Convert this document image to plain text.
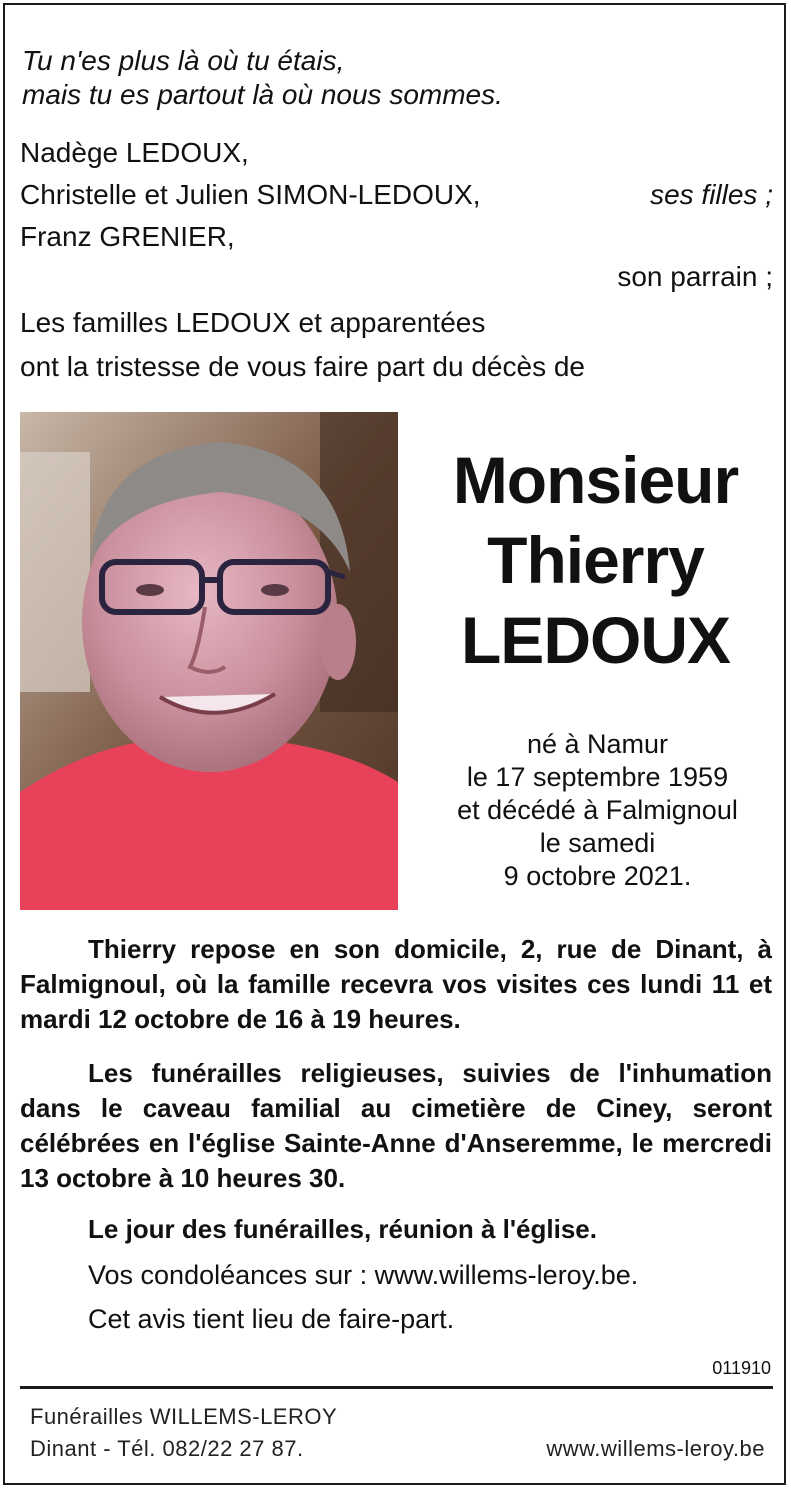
Tu n'es plus là où tu étais,
mais tu es partout là où nous sommes.
Nadège LEDOUX,
Christelle et Julien SIMON-LEDOUX,	ses filles ;
Franz GRENIER,
son parrain ;
Les familles LEDOUX et apparentées
ont la tristesse de vous faire part du décès de
Monsieur
Thierry
LEDOUX
né à Namur
le 17 septembre 1959
et décédé à Falmignoul
le samedi
9 octobre 2021.
Thierry repose en son domicile, 2, rue de Dinant, à Falmignoul, où la famille recevra vos visites ces lundi 11 et mardi 12 octobre de 16 à 19 heures.
Les funérailles religieuses, suivies de l'inhumation dans le caveau familial au cimetière de Ciney, seront célébrées en l'église Sainte-Anne d'Anseremme, le mercredi 13 octobre à 10 heures 30.
Le jour des funérailles, réunion à l'église.
Vos condoléances sur : www.willems-leroy.be.
Cet avis tient lieu de faire-part.
011910
Funérailles WILLEMS-LEROY
Dinant - Tél. 082/22 27 87.	www.willems-leroy.be
